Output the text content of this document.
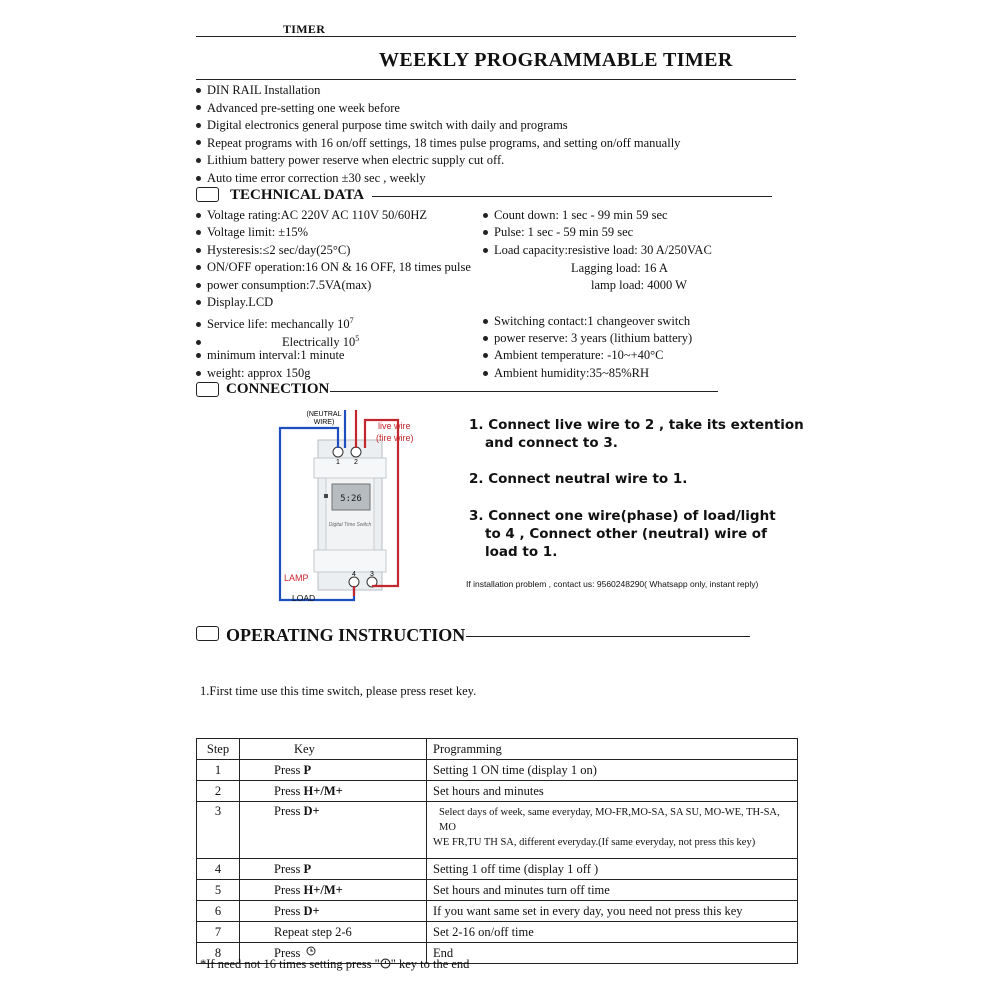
TIMER
WEEKLY PROGRAMMABLE TIMER
DIN RAIL Installation
Advanced pre-setting one week before
Digital electronics general purpose time switch with daily and programs
Repeat programs with 16 on/off settings, 18 times pulse programs, and setting on/off manually
Lithium battery power reserve when electric supply cut off.
Auto time error correction ±30 sec , weekly
TECHNICAL DATA
Voltage rating:AC 220V AC 110V 50/60HZ
Voltage limit: ±15%
Hysteresis:≤2 sec/day(25°C)
ON/OFF operation:16 ON & 16 OFF, 18 times pulse
power consumption:7.5VA(max)
Display.LCD
Service life: mechancally $10^7$
Electrically $10^5$
minimum interval:1 minute
weight: approx 150g
Count down: 1 sec - 99 min 59 sec
Pulse: 1 sec - 59 min 59 sec
Load capacity:resistive load: 30 A/250VAC
Lagging load: 16 A
lamp load: 4000 W
Switching contact:1 changeover switch
power reserve: 3 years (lithium battery)
Ambient temperature: -10~+40°C
Ambient humidity:35~85%RH
CONNECTION
5:26
Digital Time Switch
1 2
4 3
(NEUTRAL
WIRE)	live wire
(fire wire)
LAMP
LOAD
1. Connect live wire to 2 , take its extention
and connect to 3.
2. Connect neutral wire to 1.
3. Connect one wire(phase) of load/light
to 4 , Connect other (neutral) wire of
load to 1.
If installation problem , contact us: 9560248290( Whatsapp only, instant reply)
OPERATING INSTRUCTION
1.First time use this time switch, please press reset key.
Step	Key	Programming
1	Press P	Setting 1 ON time (display 1 on)
2	Press H+/M+	Set hours and minutes
3	Press D+	Select days of week, same everyday, MO-FR,MO-SA, SA SU, MO-WE, TH-SA, MO
WE FR,TU TH SA, different everyday.(If same everyday, not press this key)

4	Press P	Setting 1 off time (display 1 off )
5	Press H+/M+	Set hours and minutes turn off time
6	Press D+	If you want same set in every day, you need not press this key
7	Repeat step 2-6	Set 2-16 on/off time
8	Press	End
*If need not 16 times setting press " " key to the end
